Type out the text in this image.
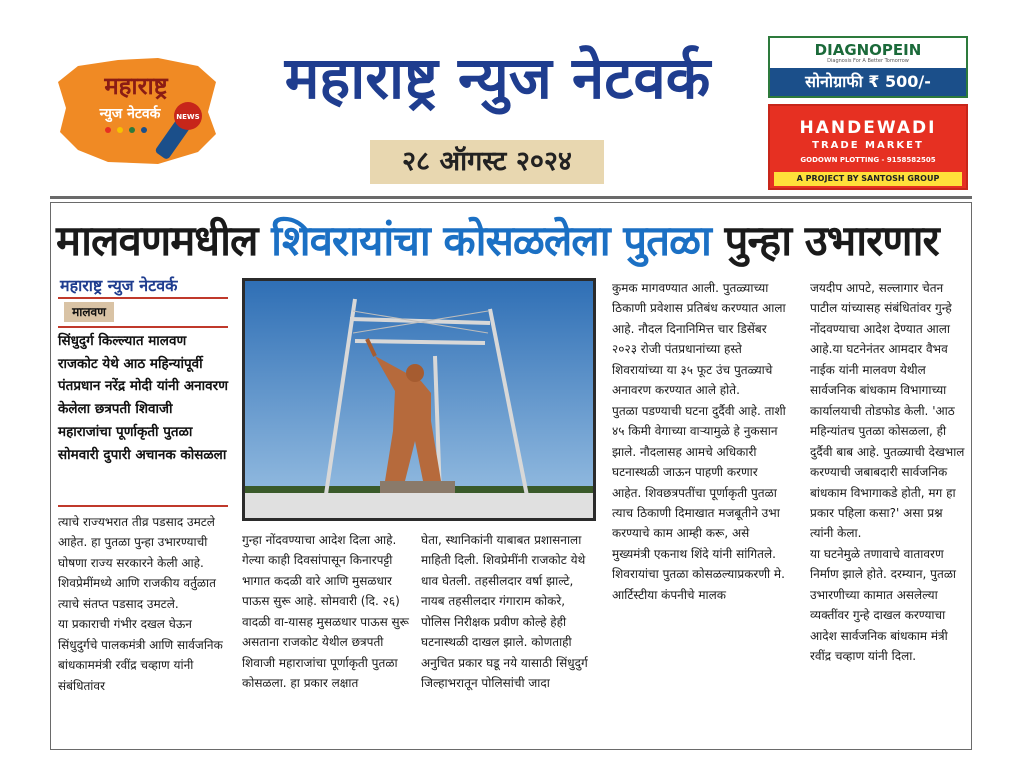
महाराष्ट्र
न्युज नेटवर्क NEWS
महाराष्ट्र न्युज नेटवर्क
२८ ऑगस्ट २०२४
DIAGNOPEIN
Diagnosis For A Better Tomorrow
सोनोग्राफी ₹ 500/-
HANDEWADI
TRADE MARKET
GODOWN PLOTTING - 9158582505
A PROJECT BY SANTOSH GROUP
मालवणमधील शिवरायांचा कोसळलेला पुतळा पुन्हा उभारणार
महाराष्ट्र न्युज नेटवर्क
मालवण
सिंधुदुर्ग किल्ल्यात मालवण राजकोट येथे आठ महिन्यांपूर्वी पंतप्रधान नरेंद्र मोदी यांनी अनावरण केलेला छत्रपती शिवाजी महाराजांचा पूर्णाकृती पुतळा सोमवारी दुपारी अचानक कोसळला

त्याचे राज्यभरात तीव्र पडसाद उमटले आहेत. हा पुतळा पुन्हा उभारण्याची घोषणा राज्य सरकारने केली आहे. शिवप्रेमींमध्ये आणि राजकीय वर्तुळात त्याचे संतप्त पडसाद उमटले.

या प्रकाराची गंभीर दखल घेऊन सिंधुदुर्गचे पालकमंत्री आणि सार्वजनिक बांधकाममंत्री रवींद्र चव्हाण यांनी संबंधितांवर

गुन्हा नोंदवण्याचा आदेश दिला आहे. गेल्या काही दिवसांपासून किनारपट्टी भागात कदळी वारे आणि मुसळधार पाऊस सुरू आहे. सोमवारी (दि. २६) वादळी वा-यासह मुसळधार पाऊस सुरू असताना राजकोट येथील छत्रपती शिवाजी महाराजांचा पूर्णाकृती पुतळा कोसळला. हा प्रकार लक्षात

घेता, स्थानिकांनी याबाबत प्रशासनाला माहिती दिली. शिवप्रेमींनी राजकोट येथे धाव घेतली. तहसीलदार वर्षा झाल्टे, नायब तहसीलदार गंगाराम कोकरे, पोलिस निरीक्षक प्रवीण कोल्हे हेही घटनास्थळी दाखल झाले. कोणताही अनुचित प्रकार घडू नये यासाठी सिंधुदुर्ग जिल्हाभरातून पोलिसांची जादा

कुमक मागवण्यात आली. पुतळ्याच्या ठिकाणी प्रवेशास प्रतिबंध करण्यात आला आहे. नौदल दिनानिमित्त चार डिसेंबर २०२३ रोजी पंतप्रधानांच्या हस्ते शिवरायांच्या या ३५ फूट उंच पुतळ्याचे अनावरण करण्यात आले होते.

पुतळा पडण्याची घटना दुर्दैवी आहे. ताशी ४५ किमी वेगाच्या वाऱ्यामुळे हे नुकसान झाले. नौदलासह आमचे अधिकारी घटनास्थळी जाऊन पाहणी करणार आहेत. शिवछत्रपतींचा पूर्णाकृती पुतळा त्याच ठिकाणी दिमाखात मजबूतीने उभा करण्याचे काम आम्ही करू, असे मुख्यमंत्री एकनाथ शिंदे यांनी सांगितले. शिवरायांचा पुतळा कोसळल्याप्रकरणी मे. आर्टिस्टीया कंपनीचे मालक

जयदीप आपटे, सल्लागार चेतन पाटील यांच्यासह संबंधितांवर गुन्हे नोंदवण्याचा आदेश देण्यात आला आहे.या घटनेनंतर आमदार वैभव नाईक यांनी मालवण येथील सार्वजनिक बांधकाम विभागाच्या कार्यालयाची तोडफोड केली. 'आठ महिन्यांतच पुतळा कोसळला, ही दुर्दैवी बाब आहे. पुतळ्याची देखभाल करण्याची जबाबदारी सार्वजनिक बांधकाम विभागाकडे होती, मग हा प्रकार पहिला कसा?' असा प्रश्न त्यांनी केला.

या घटनेमुळे तणावाचे वातावरण निर्माण झाले होते. दरम्यान, पुतळा उभारणीच्या कामात असलेल्या व्यक्तींवर गुन्हे दाखल करण्याचा आदेश सार्वजनिक बांधकाम मंत्री रवींद्र चव्हाण यांनी दिला.
